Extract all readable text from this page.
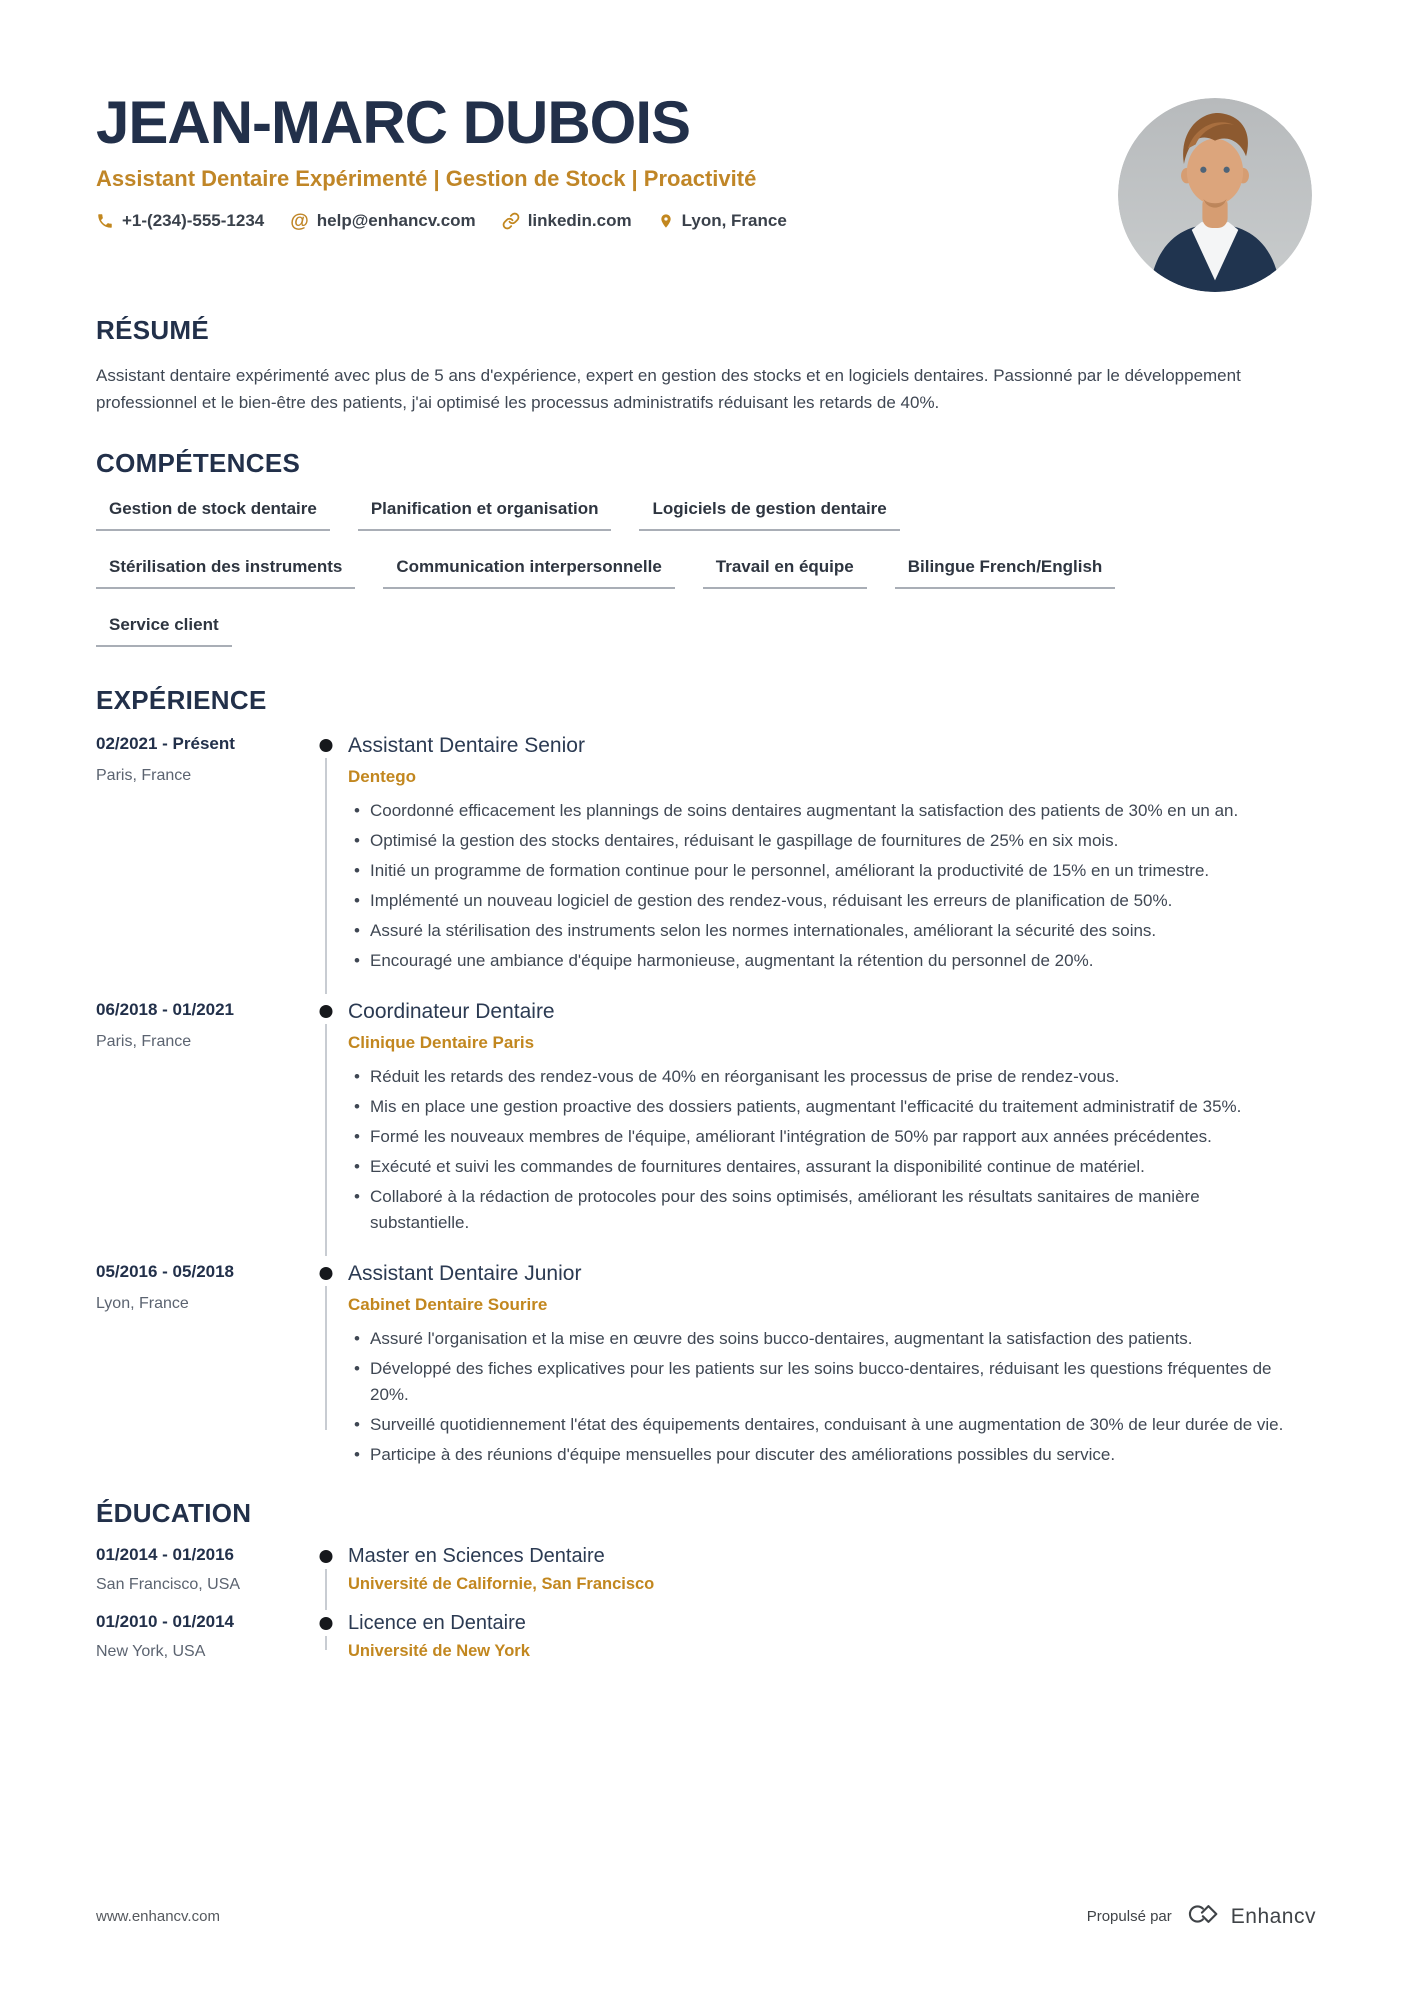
JEAN-MARC DUBOIS
Assistant Dentaire Expérimenté | Gestion de Stock | Proactivité
+1-(234)-555-1234 @ help@enhancv.com	linkedin.com	Lyon, France
RÉSUMÉ

Assistant dentaire expérimenté avec plus de 5 ans d'expérience, expert en gestion des stocks et en logiciels dentaires. Passionné par le développement professionnel et le bien-être des patients, j'ai optimisé les processus administratifs réduisant les retards de 40%.

COMPÉTENCES
Gestion de stock dentaire	Planification et organisation	Logiciels de gestion dentaire
Stérilisation des instruments	Communication interpersonnelle	Travail en équipe	Bilingue French/English
Service client
EXPÉRIENCE
02/2021 - Présent
Paris, France
Assistant Dentaire Senior
Dentego
• Coordonné efficacement les plannings de soins dentaires augmentant la satisfaction des patients de 30% en un an.
• Optimisé la gestion des stocks dentaires, réduisant le gaspillage de fournitures de 25% en six mois.
• Initié un programme de formation continue pour le personnel, améliorant la productivité de 15% en un trimestre.
• Implémenté un nouveau logiciel de gestion des rendez-vous, réduisant les erreurs de planification de 50%.
• Assuré la stérilisation des instruments selon les normes internationales, améliorant la sécurité des soins.
• Encouragé une ambiance d'équipe harmonieuse, augmentant la rétention du personnel de 20%.
06/2018 - 01/2021
Paris, France
Coordinateur Dentaire
Clinique Dentaire Paris
• Réduit les retards des rendez-vous de 40% en réorganisant les processus de prise de rendez-vous.
• Mis en place une gestion proactive des dossiers patients, augmentant l'efficacité du traitement administratif de 35%.
• Formé les nouveaux membres de l'équipe, améliorant l'intégration de 50% par rapport aux années précédentes.
• Exécuté et suivi les commandes de fournitures dentaires, assurant la disponibilité continue de matériel.
• Collaboré à la rédaction de protocoles pour des soins optimisés, améliorant les résultats sanitaires de manière substantielle.
05/2016 - 05/2018
Lyon, France
Assistant Dentaire Junior
Cabinet Dentaire Sourire
• Assuré l'organisation et la mise en œuvre des soins bucco-dentaires, augmentant la satisfaction des patients.
• Développé des fiches explicatives pour les patients sur les soins bucco-dentaires, réduisant les questions fréquentes de 20%.
• Surveillé quotidiennement l'état des équipements dentaires, conduisant à une augmentation de 30% de leur durée de vie.
• Participe à des réunions d'équipe mensuelles pour discuter des améliorations possibles du service.
ÉDUCATION
01/2014 - 01/2016
San Francisco, USA
Master en Sciences Dentaire
Université de Californie, San Francisco
01/2010 - 01/2014
New York, USA
Licence en Dentaire
Université de New York
www.enhancv.com	Propulsé par	Enhancv
